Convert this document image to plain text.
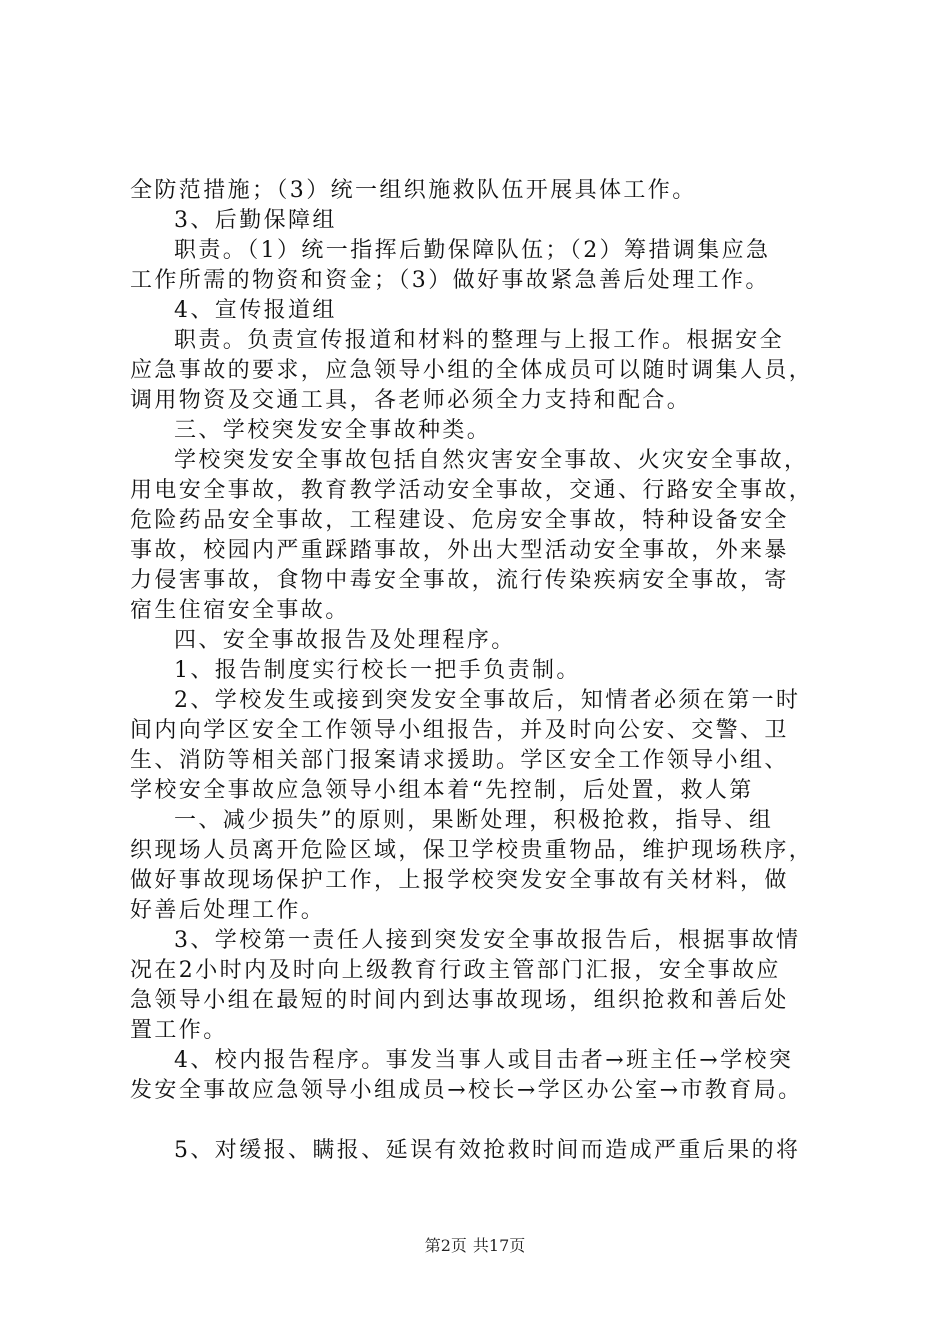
全防范措施；（3）统一组织施救队伍开展具体工作。
3、后勤保障组
职责。（1）统一指挥后勤保障队伍；（2）筹措调集应急
工作所需的物资和资金；（3）做好事故紧急善后处理工作。
4、宣传报道组
职责。负责宣传报道和材料的整理与上报工作。根据安全
应急事故的要求，应急领导小组的全体成员可以随时调集人员，
调用物资及交通工具，各老师必须全力支持和配合。
三、学校突发安全事故种类。
学校突发安全事故包括自然灾害安全事故、火灾安全事故，
用电安全事故，教育教学活动安全事故，交通、行路安全事故，
危险药品安全事故，工程建设、危房安全事故，特种设备安全
事故，校园内严重踩踏事故，外出大型活动安全事故，外来暴
力侵害事故，食物中毒安全事故，流行传染疾病安全事故，寄
宿生住宿安全事故。
四、安全事故报告及处理程序。
1、报告制度实行校长一把手负责制。
2、学校发生或接到突发安全事故后，知情者必须在第一时
间内向学区安全工作领导小组报告，并及时向公安、交警、卫
生、消防等相关部门报案请求援助。学区安全工作领导小组、
学校安全事故应急领导小组本着“先控制，后处置，救人第
一、减少损失”的原则，果断处理，积极抢救，指导、组
织现场人员离开危险区域，保卫学校贵重物品，维护现场秩序，
做好事故现场保护工作，上报学校突发安全事故有关材料，做
好善后处理工作。
3、学校第一责任人接到突发安全事故报告后，根据事故情
况在2小时内及时向上级教育行政主管部门汇报，安全事故应
急领导小组在最短的时间内到达事故现场，组织抢救和善后处
置工作。
4、校内报告程序。事发当事人或目击者→班主任→学校突
发安全事故应急领导小组成员→校长→学区办公室→市教育局。
5、对缓报、瞒报、延误有效抢救时间而造成严重后果的将
第2页 共17页
